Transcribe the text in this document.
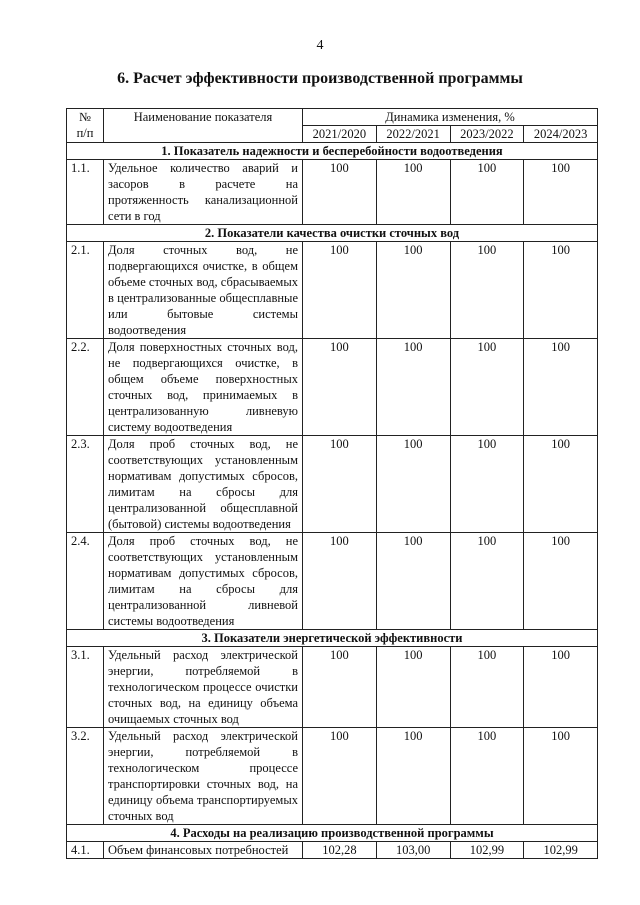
4
6. Расчет эффективности производственной программы
№
п/п	Наименование показателя	Динамика изменения, %			
		2021/2020	2022/2021	2023/2022	2024/2023
1. Показатель надежности и бесперебойности водоотведения					
1.1.	Удельное количество аварий и засоров в расчете на протяженность канализационной сети в год	100	100	100	100
2. Показатели качества очистки сточных вод					
2.1.	Доля сточных вод, не подвергающихся очистке, в общем объеме сточных вод, сбрасываемых в централизованные общесплавные или бытовые системы водоотведения	100	100	100	100
2.2.	Доля поверхностных сточных вод, не подвергающихся очистке, в общем объеме поверхностных сточных вод, принимаемых в централизованную ливневую систему водоотведения	100	100	100	100
2.3.	Доля проб сточных вод, не соответствующих установленным нормативам допустимых сбросов, лимитам на сбросы для централизованной общесплавной (бытовой) системы водоотведения	100	100	100	100
2.4.	Доля проб сточных вод, не соответствующих установленным нормативам допустимых сбросов, лимитам на сбросы для централизованной ливневой системы водоотведения	100	100	100	100
3. Показатели энергетической эффективности					
3.1.	Удельный расход электрической энергии, потребляемой в технологическом процессе очистки сточных вод, на единицу объема очищаемых сточных вод	100	100	100	100
3.2.	Удельный расход электрической энергии, потребляемой в технологическом процессе транспортировки сточных вод, на единицу объема транспортируемых сточных вод	100	100	100	100
4. Расходы на реализацию производственной программы					
4.1.	Объем финансовых потребностей	102,28	103,00	102,99	102,99
